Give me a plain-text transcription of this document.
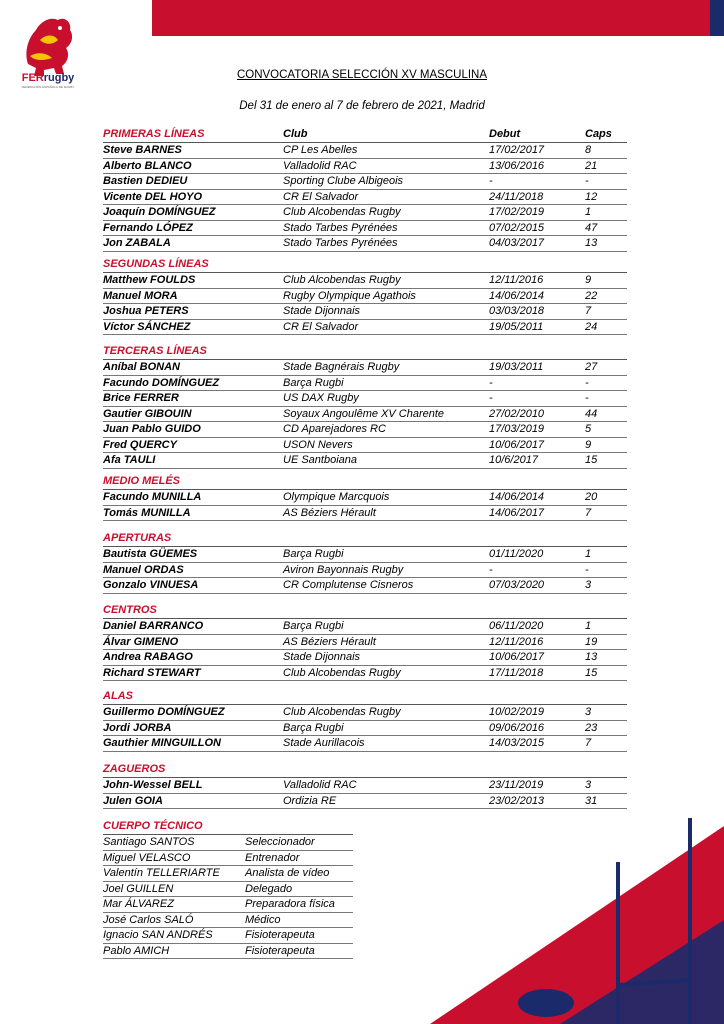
FERrugby
FEDERACIÓN ESPAÑOLA DE RUGBY
CONVOCATORIA SELECCIÓN XV MASCULINA
Del 31 de enero al 7 de febrero de 2021, Madrid
PRIMERAS LÍNEAS	Club	Debut	Caps
Steve BARNES	CP Les Abelles	17/02/2017	8
Alberto BLANCO	Valladolid RAC	13/06/2016	21
Bastien DEDIEU	Sporting Clube Albigeois	-	-
Vicente DEL HOYO	CR El Salvador	24/11/2018	12
Joaquín DOMÍNGUEZ	Club Alcobendas Rugby	17/02/2019	1
Fernando LÓPEZ	Stado Tarbes Pyrénées	07/02/2015	47
Jon ZABALA	Stado Tarbes Pyrénées	04/03/2017	13
SEGUNDAS LÍNEAS
Matthew FOULDS	Club Alcobendas Rugby	12/11/2016	9
Manuel MORA	Rugby Olympique Agathois	14/06/2014	22
Joshua PETERS	Stade Dijonnais	03/03/2018	7
Víctor SÁNCHEZ	CR El Salvador	19/05/2011	24
TERCERAS LÍNEAS
Aníbal BONAN	Stade Bagnérais Rugby	19/03/2011	27
Facundo DOMÍNGUEZ	Barça Rugbi	-	-
Brice FERRER	US DAX Rugby	-	-
Gautier GIBOUIN	Soyaux Angoulême XV Charente	27/02/2010	44
Juan Pablo GUIDO	CD Aparejadores RC	17/03/2019	5
Fred QUERCY	USON Nevers	10/06/2017	9
Afa TAULI	UE Santboiana	10/6/2017	15
MEDIO MELÉS
Facundo MUNILLA	Olympique Marcquois	14/06/2014	20
Tomás MUNILLA	AS Béziers Hérault	14/06/2017	7
APERTURAS
Bautista GÜEMES	Barça Rugbi	01/11/2020	1
Manuel ORDAS	Aviron Bayonnais Rugby	-	-
Gonzalo VINUESA	CR Complutense Cisneros	07/03/2020	3
CENTROS
Daniel BARRANCO	Barça Rugbi	06/11/2020	1
Álvar GIMENO	AS Béziers Hérault	12/11/2016	19
Andrea RABAGO	Stade Dijonnais	10/06/2017	13
Richard STEWART	Club Alcobendas Rugby	17/11/2018	15
ALAS
Guillermo DOMÍNGUEZ	Club Alcobendas Rugby	10/02/2019	3
Jordi JORBA	Barça Rugbi	09/06/2016	23
Gauthier MINGUILLON	Stade Aurillacois	14/03/2015	7
ZAGUEROS
John-Wessel BELL	Valladolid RAC	23/11/2019	3
Julen GOIA	Ordizia RE	23/02/2013	31
CUERPO TÉCNICO
Santiago SANTOS	Seleccionador
Miguel VELASCO	Entrenador
Valentín TELLERIARTE Analista de vídeo
Joel GUILLEN	Delegado
Mar ÁLVAREZ	Preparadora física
José Carlos SALÓ	Médico
Ignacio SAN ANDRÉS	Fisioterapeuta
Pablo AMICH	Fisioterapeuta
